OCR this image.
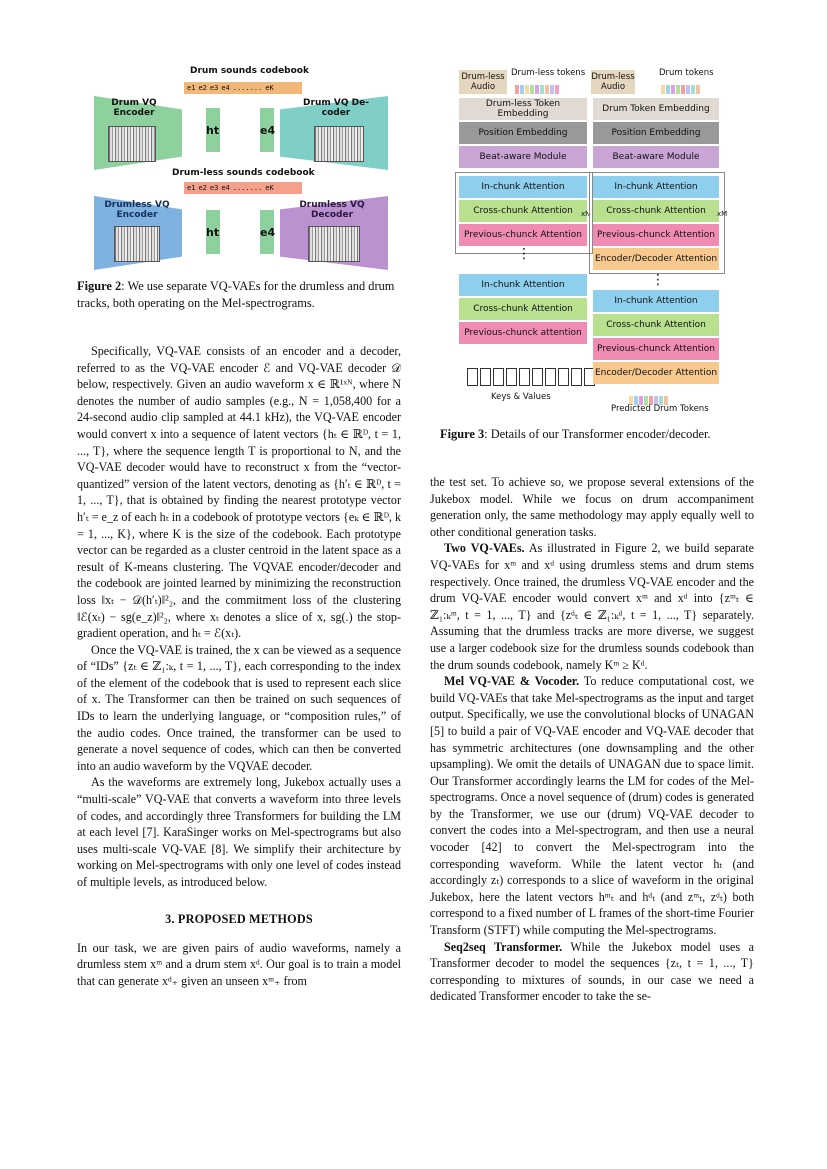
Drum sounds codebook
e1 e2 e3 e4 ....... eK
Drum VQ Encoder
ht	e4
Drum VQ De- coder
Drum-less sounds codebook
e1 e2 e3 e4 ....... eK
Drumless VQ Encoder
ht	e4
Drumless VQ Decoder
Figure 2: We use separate VQ-VAEs for the drumless and drum tracks, both operating on the Mel-spectrograms.
Drum-less Audio
Drum-less tokens Drum-less Audio
Drum tokens
Drum-less Token Embedding
Position Embedding
Beat-aware Module
In-chunk Attention
Cross-chunk Attention
Previous-chunck Attention
xN
⋮
In-chunk Attention
Cross-chunk Attention
Previous-chunck attention
Keys & Values
Drum Token Embedding
Position Embedding
Beat-aware Module
In-chunk Attention
Cross-chunk Attention
Previous-chunck Attention
Encoder/Decoder Attention
xM
⋮
In-chunk Attention
Cross-chunk Attention
Previous-chunck Attention
Encoder/Decoder Attention
Predicted Drum Tokens
Figure 3: Details of our Transformer encoder/decoder.

Specifically, VQ-VAE consists of an encoder and a decoder, referred to as the VQ-VAE encoder ℰ and VQ-VAE decoder 𝒟 below, respectively. Given an audio waveform x ∈ ℝ¹ˣᴺ, where N denotes the number of audio samples (e.g., N = 1,058,400 for a 24-second audio clip sampled at 44.1 kHz), the VQ-VAE encoder would convert x into a sequence of latent vectors {hₜ ∈ ℝᴰ, t = 1, ..., T}, where the sequence length T is proportional to N, and the VQ-VAE decoder would have to reconstruct x from the “vector-quantized” version of the latent vectors, denoting as {h′ₜ ∈ ℝᴰ, t = 1, ..., T}, that is obtained by finding the nearest prototype vector h′ₜ = e_z of each hₜ in a codebook of prototype vectors {eₖ ∈ ℝᴰ, k = 1, ..., K}, where K is the size of the codebook. Each prototype vector can be regarded as a cluster centroid in the latent space as a result of K-means clustering. The VQVAE encoder/decoder and the codebook are jointed learned by minimizing the reconstruction loss ‖xₜ − 𝒟(h′ₜ)‖²₂, and the commitment loss of the clustering ‖ℰ(xₜ) − sg(e_z)‖²₂, where xₜ denotes a slice of x, sg(.) the stop-gradient operation, and hₜ = ℰ(xₜ).

Once the VQ-VAE is trained, the x can be viewed as a sequence of “IDs” {zₜ ∈ ℤ₁:ₖ, t = 1, ..., T}, each corresponding to the index of the element of the codebook that is used to represent each slice of x. The Transformer can then be trained on such sequences of IDs to learn the underlying language, or “composition rules,” of the audio codes. Once trained, the transformer can be used to generate a novel sequence of codes, which can then be converted into an audio waveform by the VQVAE decoder.

As the waveforms are extremely long, Jukebox actually uses a “multi-scale” VQ-VAE that converts a waveform into three levels of codes, and accordingly three Transformers for building the LM at each level [7]. KaraSinger works on Mel-spectrograms but also uses multi-scale VQ-VAE [8]. We simplify their architecture by working on Mel-spectrograms with only one level of codes instead of multiple levels, as introduced below.

3. PROPOSED METHODS

In our task, we are given pairs of audio waveforms, namely a drumless stem xᵐ and a drum stem xᵈ. Our goal is to train a model that can generate xᵈ₊ given an unseen xᵐ₊ from

the test set. To achieve so, we propose several extensions of the Jukebox model. While we focus on drum accompaniment generation only, the same methodology may apply equally well to other conditional generation tasks.

Two VQ-VAEs. As illustrated in Figure 2, we build separate VQ-VAEs for xᵐ and xᵈ using drumless stems and drum stems respectively. Once trained, the drumless VQ-VAE encoder and the drum VQ-VAE encoder would convert xᵐ and xᵈ into {zᵐₜ ∈ ℤ₁:ₖᵐ, t = 1, ..., T} and {zᵈₜ ∈ ℤ₁:ₖᵈ, t = 1, ..., T} separately. Assuming that the drumless tracks are more diverse, we suggest use a larger codebook size for the drumless sounds codebook than the drum sounds codebook, namely Kᵐ ≥ Kᵈ.

Mel VQ-VAE & Vocoder. To reduce computational cost, we build VQ-VAEs that take Mel-spectrograms as the input and target output. Specifically, we use the convolutional blocks of UNAGAN [5] to build a pair of VQ-VAE encoder and VQ-VAE decoder that has symmetric architectures (one downsampling and the other upsampling). We omit the details of UNAGAN due to space limit. Our Transformer accordingly learns the LM for codes of the Mel-spectrograms. Once a novel sequence of (drum) codes is generated by the Transformer, we use our (drum) VQ-VAE decoder to convert the codes into a Mel-spectrogram, and then use a neural vocoder [42] to convert the Mel-spectrogram into the corresponding waveform. While the latent vector hₜ (and accordingly zₜ) corresponds to a slice of waveform in the original Jukebox, here the latent vectors hᵐₜ and hᵈₜ (and zᵐₜ, zᵈₜ) both correspond to a fixed number of L frames of the short-time Fourier Transform (STFT) while computing the Mel-spectrograms.

Seq2seq Transformer. While the Jukebox model uses a Transformer decoder to model the sequences {zₜ, t = 1, ..., T} corresponding to mixtures of sounds, in our case we need a dedicated Transformer encoder to take the se-
